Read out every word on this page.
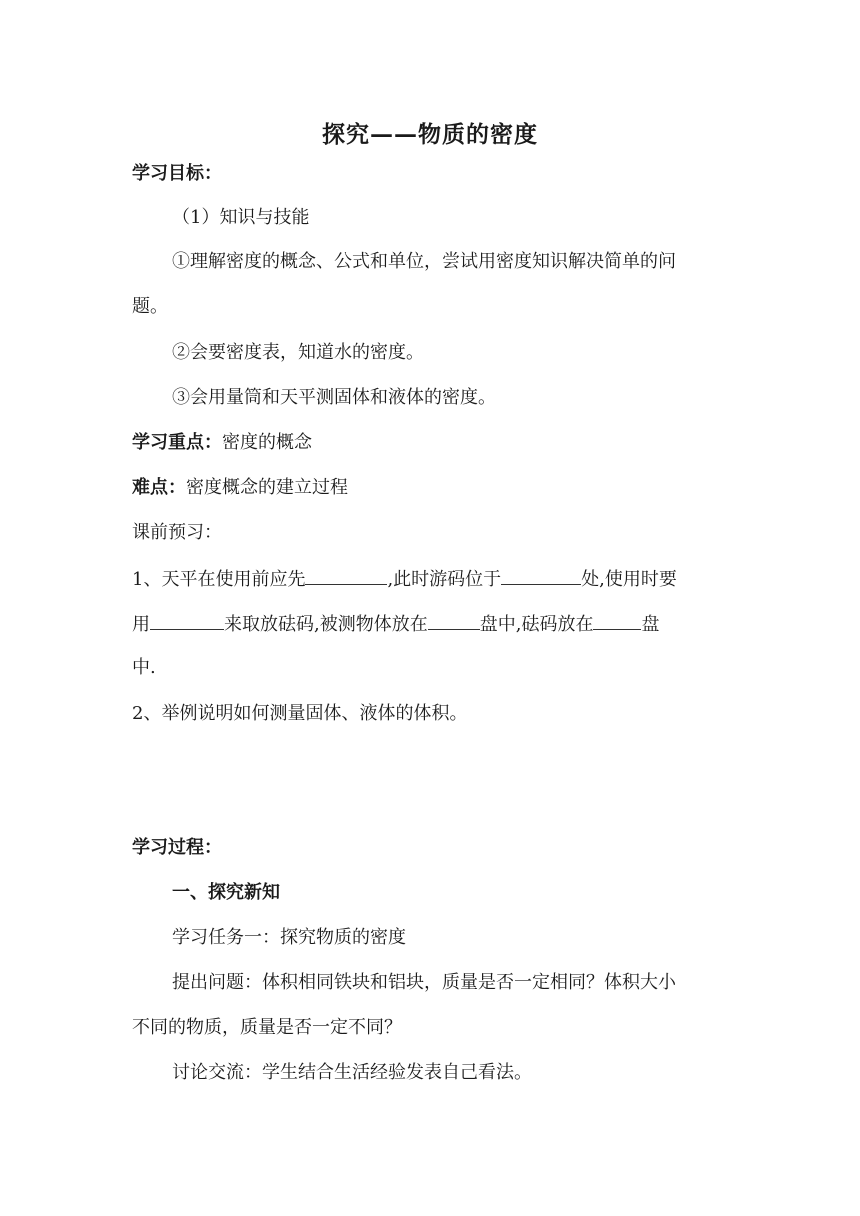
探究——物质的密度
学习目标：
（1）知识与技能
①理解密度的概念、公式和单位，尝试用密度知识解决简单的问
题。
②会要密度表，知道水的密度。
③会用量筒和天平测固体和液体的密度。
学习重点：密度的概念
难点：密度概念的建立过程
课前预习：
1、天平在使用前应先	,此时游码位于	处,使用时要
用	来取放砝码,被测物体放在	盘中,砝码放在	盘
中.
2、举例说明如何测量固体、液体的体积。
学习过程：
一、探究新知
学习任务一：探究物质的密度
提出问题：体积相同铁块和铝块，质量是否一定相同？体积大小
不同的物质，质量是否一定不同？
讨论交流：学生结合生活经验发表自己看法。
